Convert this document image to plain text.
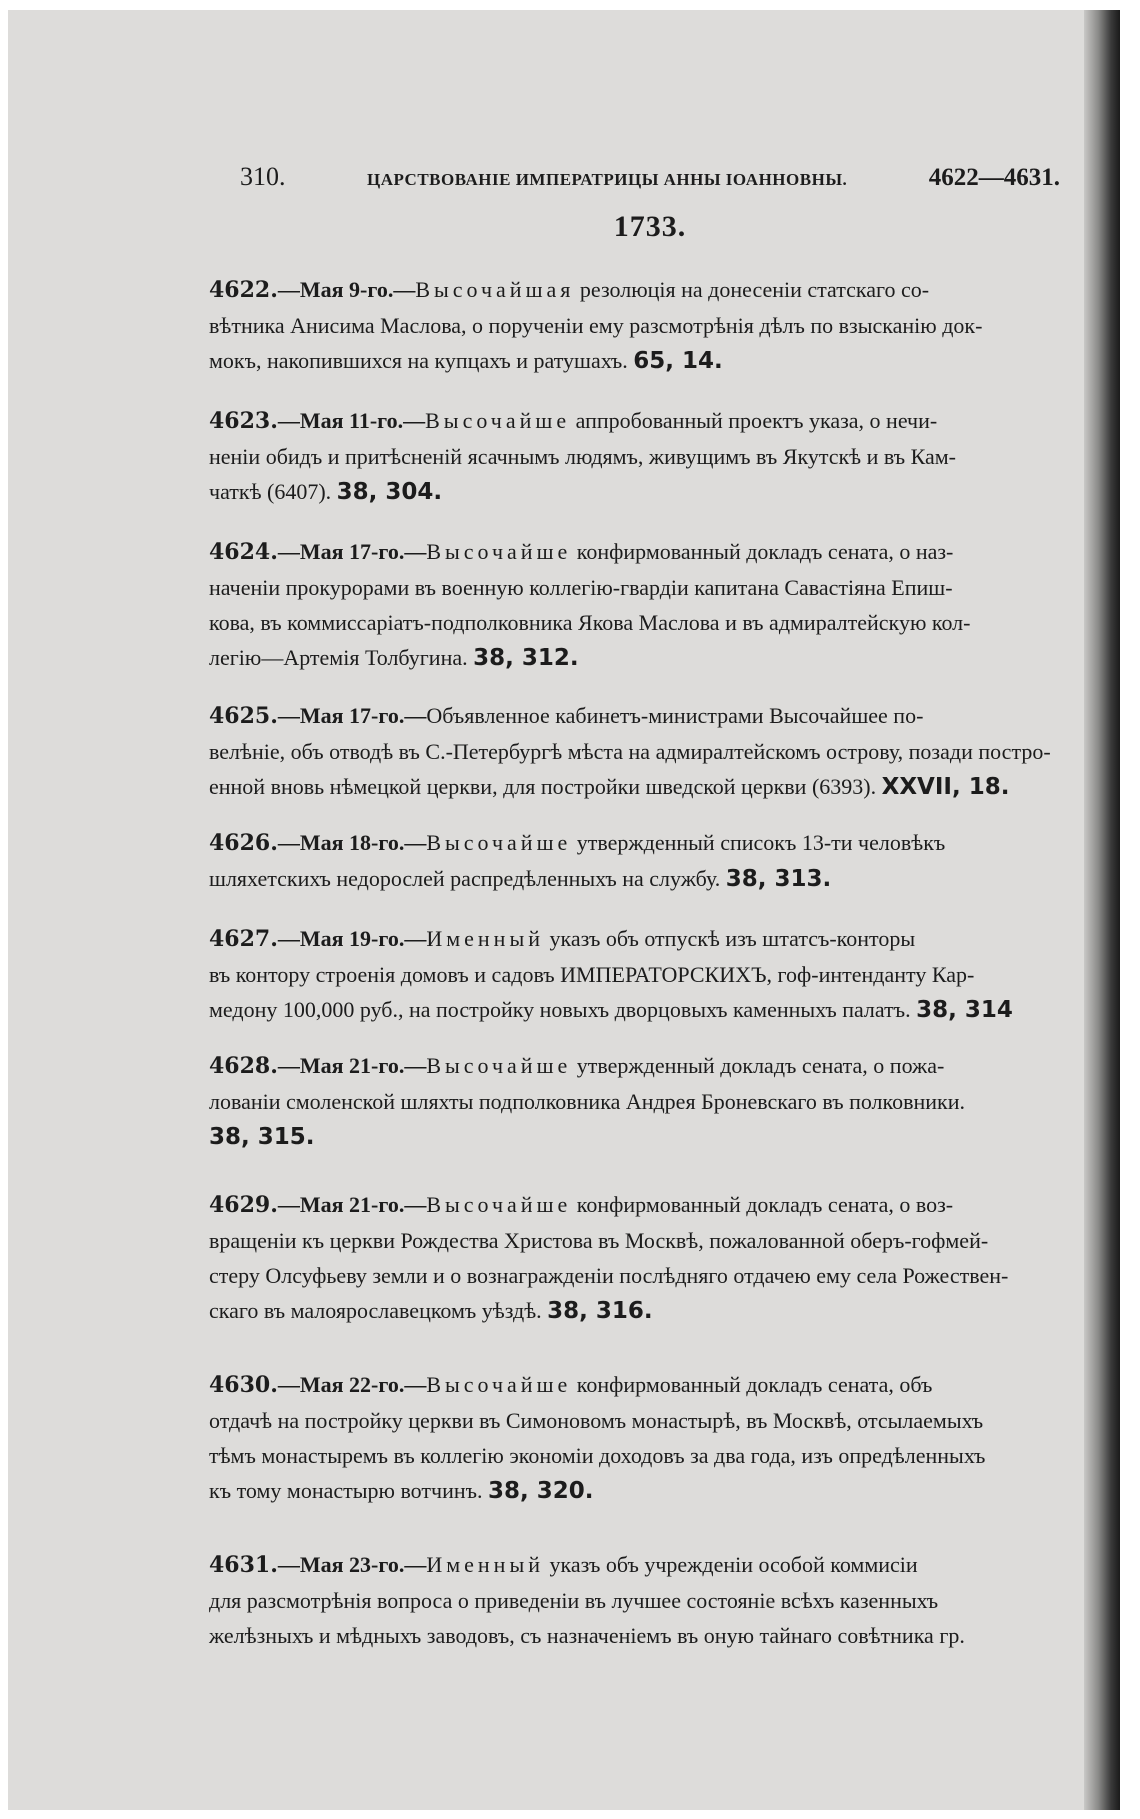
310.	ЦАРСТВОВАНІЕ ИМПЕРАТРИЦЫ АННЫ ІОАННОВНЫ.	4622—4631.
1733.
4622.—Мая 9-го.—Высочайшая резолюція на донесеніи статскаго со-
вѣтника Анисима Маслова, о порученіи ему разсмотрѣнія дѣлъ по взысканію док-
мокъ, накопившихся на купцахъ и ратушахъ. 65, 14.
4623.—Мая 11-го.—Высочайше аппробованный проектъ указа, о нечи-
неніи обидъ и притѣсненій ясачнымъ людямъ, живущимъ въ Якутскѣ и въ Кам-
чаткѣ (6407). 38, 304.
4624.—Мая 17-го.—Высочайше конфирмованный докладъ сената, о наз-
наченіи прокурорами въ военную коллегію-гвардіи капитана Савастіяна Епиш-
кова, въ коммиссаріатъ-подполковника Якова Маслова и въ адмиралтейскую кол-
легію—Артемія Толбугина. 38, 312.
4625.—Мая 17-го.—Объявленное кабинетъ-министрами Высочайшее по-
велѣніе, объ отводѣ въ С.-Петербургѣ мѣста на адмиралтейскомъ острову, позади постро-
енной вновь нѣмецкой церкви, для постройки шведской церкви (6393). XXVII, 18.
4626.—Мая 18-го.—Высочайше утвержденный списокъ 13-ти человѣкъ
шляхетскихъ недорослей распредѣленныхъ на службу. 38, 313.
4627.—Мая 19-го.—Именный указъ объ отпускѣ изъ штатсъ-конторы
въ контору строенія домовъ и садовъ ИМПЕРАТОРСКИХЪ, гоф-интенданту Кар-
медону 100,000 руб., на постройку новыхъ дворцовыхъ каменныхъ палатъ. 38, 314
4628.—Мая 21-го.—Высочайше утвержденный докладъ сената, о пожа-
лованіи смоленской шляхты подполковника Андрея Броневскаго въ полковники.
38, 315.
4629.—Мая 21-го.—Высочайше конфирмованный докладъ сената, о воз-
вращеніи къ церкви Рождества Христова въ Москвѣ, пожалованной оберъ-гофмей-
стеру Олсуфьеву земли и о вознагражденіи послѣдняго отдачею ему села Рожествен-
скаго въ малоярославецкомъ уѣздѣ. 38, 316.
4630.—Мая 22-го.—Высочайше конфирмованный докладъ сената, объ
отдачѣ на постройку церкви въ Симоновомъ монастырѣ, въ Москвѣ, отсылаемыхъ
тѣмъ монастыремъ въ коллегію экономіи доходовъ за два года, изъ опредѣленныхъ
къ тому монастырю вотчинъ. 38, 320.
4631.—Мая 23-го.—Именный указъ объ учрежденіи особой коммисіи
для разсмотрѣнія вопроса о приведеніи въ лучшее состояніе всѣхъ казенныхъ
желѣзныхъ и мѣдныхъ заводовъ, съ назначеніемъ въ оную тайнаго совѣтника гр.
